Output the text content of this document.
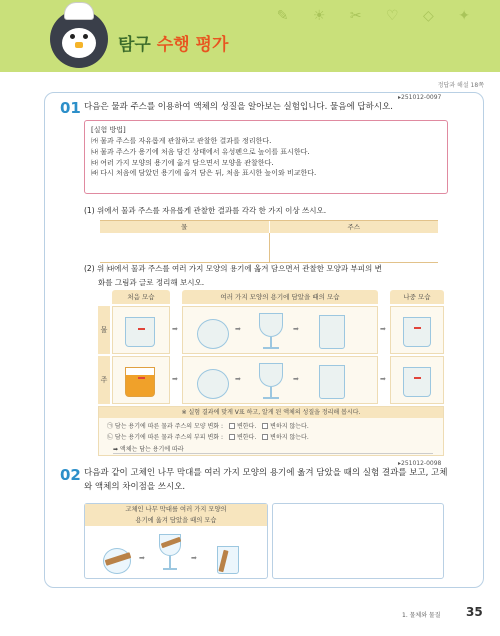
✎ ☀ ✂ ♡ ◇ ✦
탐구 수행 평가
정답과 해설 18쪽
▸251012-0097
01 다음은 물과 주스를 이용하여 액체의 성질을 알아보는 실험입니다. 물음에 답하시오.
[실험 방법]
㈎ 물과 주스를 자유롭게 관찰하고 관찰한 결과를 정리한다.
㈏ 물과 주스가 용기에 처음 담긴 상태에서 유성펜으로 높이를 표시한다.
㈐ 여러 가지 모양의 용기에 옮겨 담으면서 모양을 관찰한다.
㈑ 다시 처음에 담았던 용기에 옮겨 담은 뒤, 처음 표시한 높이와 비교한다.
(1) 위에서 물과 주스를 자유롭게 관찰한 결과를 각각 한 가지 이상 쓰시오.
물	주스
(2) 위 ㈐에서 물과 주스를 여러 가지 모양의 용기에 옮겨 담으면서 관찰한 모양과 부피의 변
화를 그림과 글로 정리해 보시오.
처음 모습	여러 가지 모양의 용기에 담았을 때의 모습	나중 모습
물	➡	➡	➡	➡
주	➡	➡	➡	➡
※ 실험 결과에 맞게 V표 하고, 알게 된 액체의 성질을 정리해 봅시다.
㉠ 담는 용기에 따른 물과 주스의 모양 변화 : 변한다. 변하지 않는다.
㉡ 담는 용기에 따른 물과 주스의 부피 변화 : 변한다. 변하지 않는다.
➡ 액체는 담는 용기에 따라
▸251012-0098
02 다음과 같이 고체인 나무 막대를 여러 가지 모양의 용기에 옮겨 담았을 때의 실험 결과를 보고, 고체
와 액체의 차이점을 쓰시오.
고체인 나무 막대를 여러 가지 모양의
용기에 옮겨 담았을 때의 모습
➡	➡
1. 물체와 물질 35
